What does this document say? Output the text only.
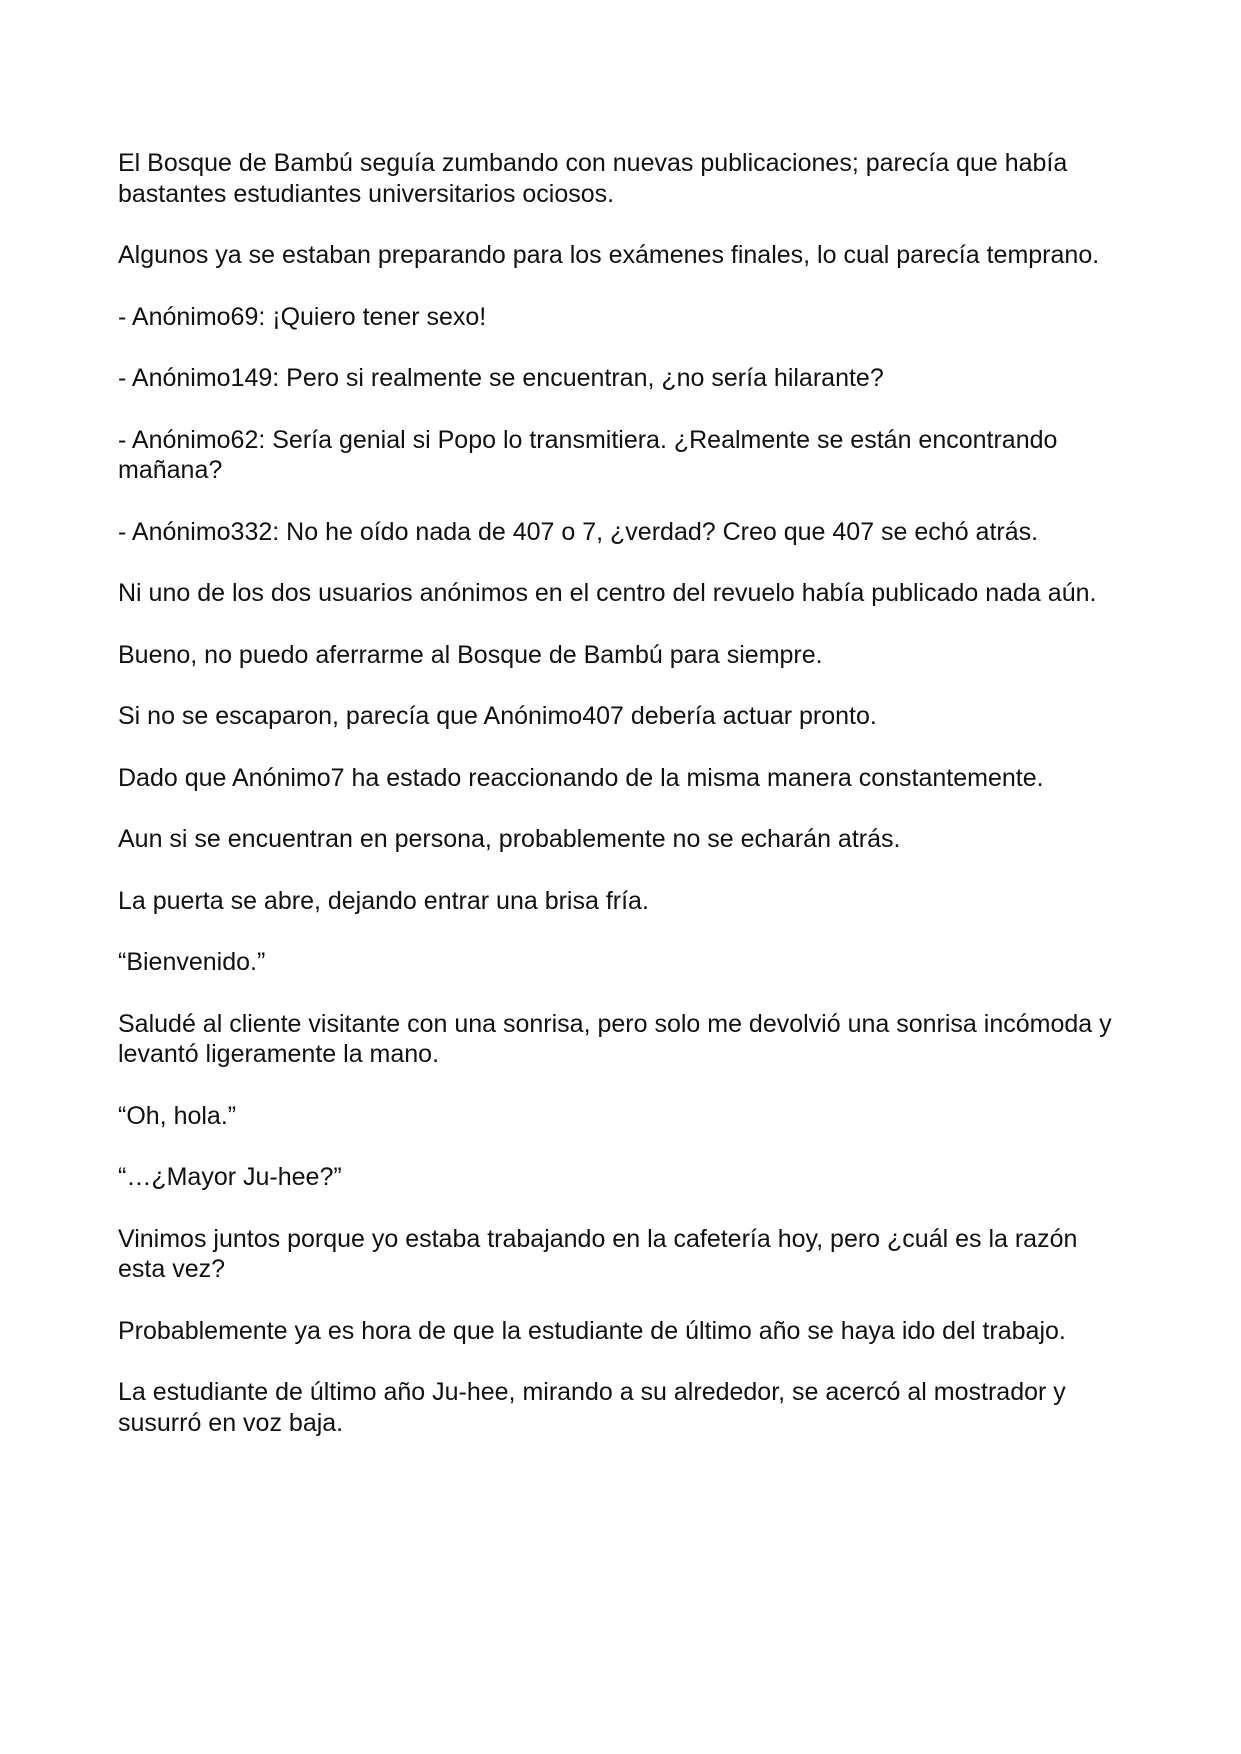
El Bosque de Bambú seguía zumbando con nuevas publicaciones; parecía que había bastantes estudiantes universitarios ociosos.

Algunos ya se estaban preparando para los exámenes finales, lo cual parecía temprano.

- Anónimo69: ¡Quiero tener sexo!

- Anónimo149: Pero si realmente se encuentran, ¿no sería hilarante?

- Anónimo62: Sería genial si Popo lo transmitiera. ¿Realmente se están encontrando mañana?

- Anónimo332: No he oído nada de 407 o 7, ¿verdad? Creo que 407 se echó atrás.

Ni uno de los dos usuarios anónimos en el centro del revuelo había publicado nada aún.

Bueno, no puedo aferrarme al Bosque de Bambú para siempre.

Si no se escaparon, parecía que Anónimo407 debería actuar pronto.

Dado que Anónimo7 ha estado reaccionando de la misma manera constantemente.

Aun si se encuentran en persona, probablemente no se echarán atrás.

La puerta se abre, dejando entrar una brisa fría.

“Bienvenido.”

Saludé al cliente visitante con una sonrisa, pero solo me devolvió una sonrisa incómoda y levantó ligeramente la mano.

“Oh, hola.”

“…¿Mayor Ju-hee?”

Vinimos juntos porque yo estaba trabajando en la cafetería hoy, pero ¿cuál es la razón esta vez?

Probablemente ya es hora de que la estudiante de último año se haya ido del trabajo.

La estudiante de último año Ju-hee, mirando a su alrededor, se acercó al mostrador y susurró en voz baja.
